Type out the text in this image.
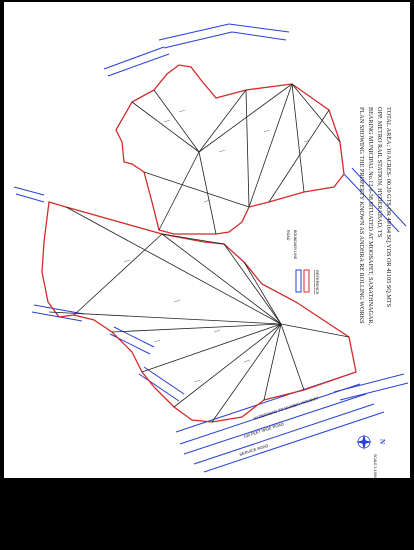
PLAN SHOWING THE PROPERTY KNOWN AS ANDHRA RE ROLLING WORKS BEARING MUNICIPAL No.12-6-38 SITUATED AT MOOSAPET, SANATHNAGAR, OPP. METRO RAIL STATION, HYDERABAD, TS TOTAL AREA: 10 ACRES- 00.20 GTS OR 49164 SQ.YDS OR 41105 SQ.MTS
REFERENCE
BOUNDARY LINE
ROAD
HYDERABAD TO MUMBAI HIGHWAY
100 FEET WIDE ROAD
SERVICE ROAD
N
SCALE 1:1000
